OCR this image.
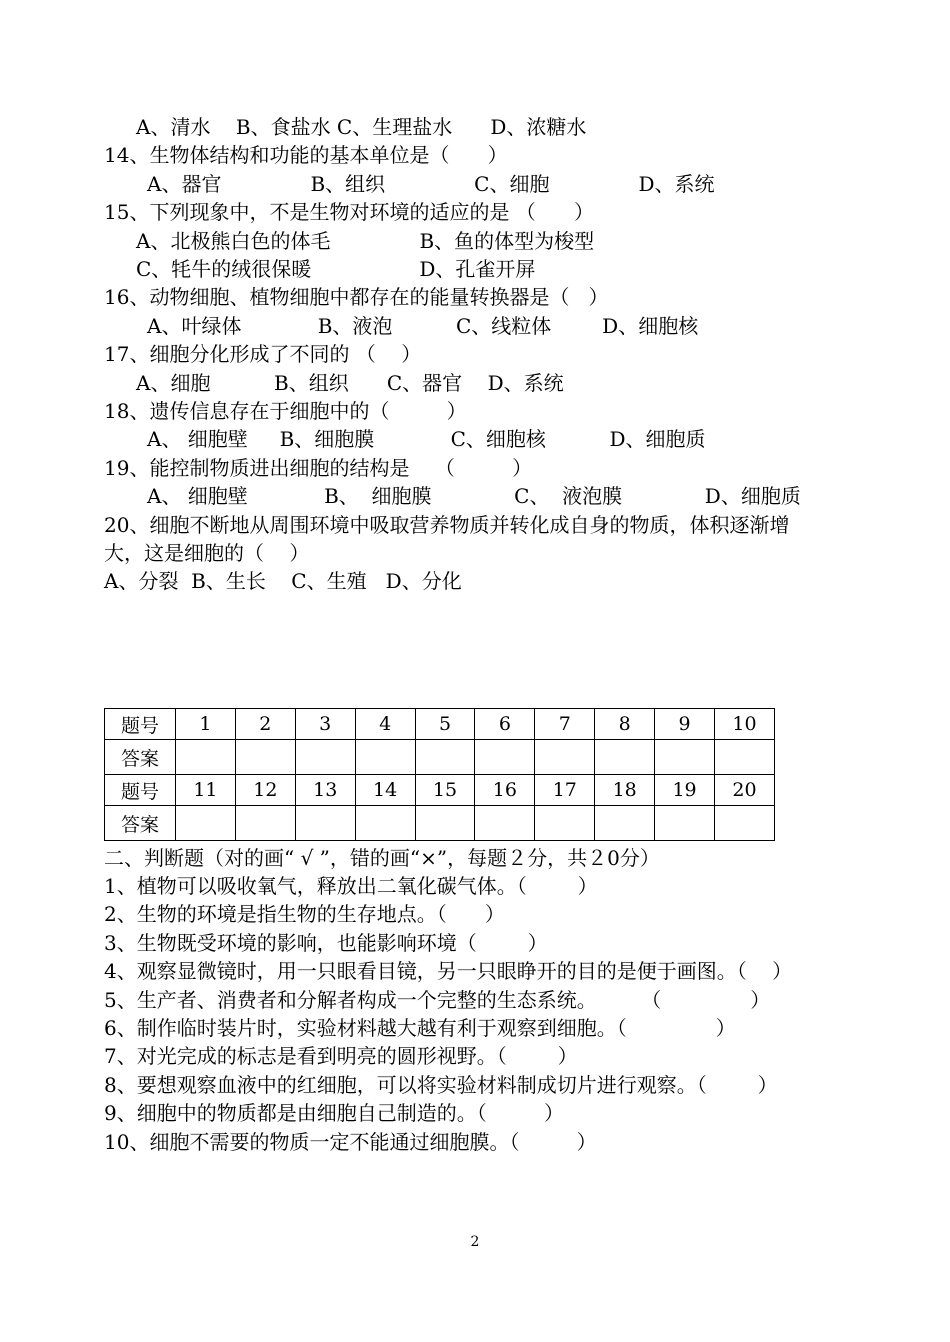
A、清水    B、食盐水 C、生理盐水      D、浓糖水
14、生物体结构和功能的基本单位是（      ）
A、器官              B、组织              C、细胞              D、系统
15、下列现象中，不是生物对环境的适应的是 （      ）
A、北极熊白色的体毛              B、鱼的体型为梭型
C、牦牛的绒很保暖                 D、孔雀开屏
16、动物细胞、植物细胞中都存在的能量转换器是（   ）
A、叶绿体            B、液泡          C、线粒体        D、细胞核
17、细胞分化形成了不同的 （    ）
A、细胞          B、组织      C、器官    D、系统
18、遗传信息存在于细胞中的（         ）
A、 细胞壁     B、细胞膜            C、细胞核          D、细胞质
19、能控制物质进出细胞的结构是    （         ）
A、 细胞壁            B、  细胞膜             C、  液泡膜             D、细胞质
20、细胞不断地从周围环境中吸取营养物质并转化成自身的物质，体积逐渐增
大，这是细胞的（    ）
A、分裂  B、生长    C、生殖   D、分化
题号	1	2	3	4	5	6	7	8	9	10
答案										
题号	11	12	13	14	15	16	17	18	19	20
答案										
二、判断题（对的画“ √ ”，错的画“×”，每题２分，共２0分）
1、植物可以吸收氧气，释放出二氧化碳气体。（        ）
2、生物的环境是指生物的生存地点。（      ）
3、生物既受环境的影响，也能影响环境（        ）
4、观察显微镜时，用一只眼看目镜，另一只眼睁开的目的是便于画图。（    ）
5、生产者、消费者和分解者构成一个完整的生态系统。       （              ）
6、制作临时装片时，实验材料越大越有利于观察到细胞。（              ）
7、对光完成的标志是看到明亮的圆形视野。（        ）
8、要想观察血液中的红细胞，可以将实验材料制成切片进行观察。（        ）
9、细胞中的物质都是由细胞自己制造的。（         ）
10、细胞不需要的物质一定不能通过细胞膜。（         ）
2
